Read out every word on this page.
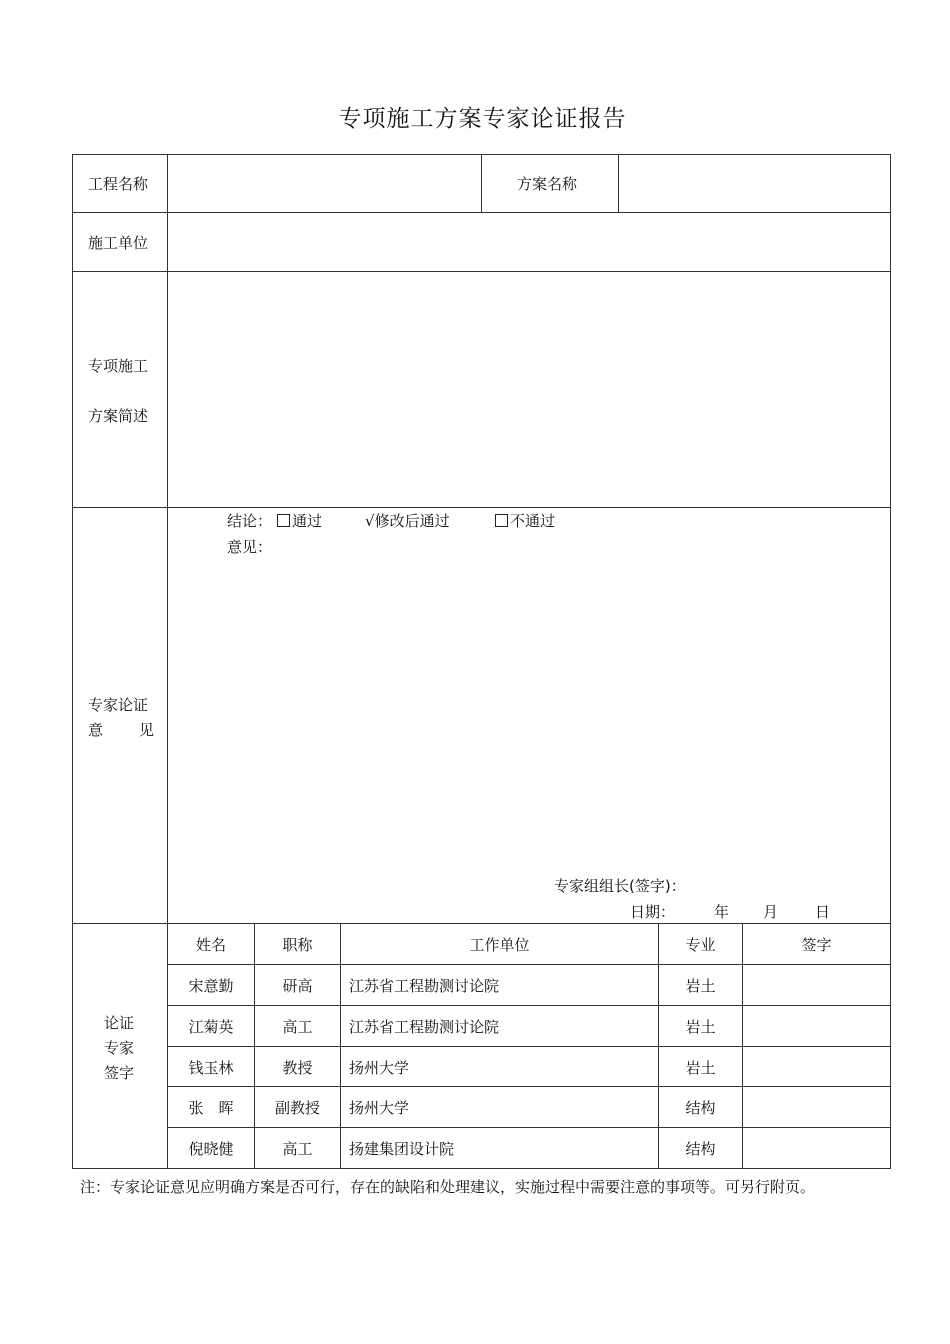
专项施工方案专家论证报告
工程名称	方案名称
施工单位
专项施工
方案简述
专家论证
意 见
结论：	通过	√修改后通过	不通过
意见：
专家组组长(签字)：
日期：	年 月 日
论证
专家
签字
姓名	职称	工作单位	专业	签字
宋意勤	研高	江苏省工程勘测讨论院	岩土
江菊英	高工	江苏省工程勘测讨论院	岩土
钱玉林	教授	扬州大学	岩土
张　晖	副教授	扬州大学	结构
倪晓健	高工	扬建集团设计院	结构
注：专家论证意见应明确方案是否可行，存在的缺陷和处理建议，实施过程中需要注意的事项等。可另行附页。
